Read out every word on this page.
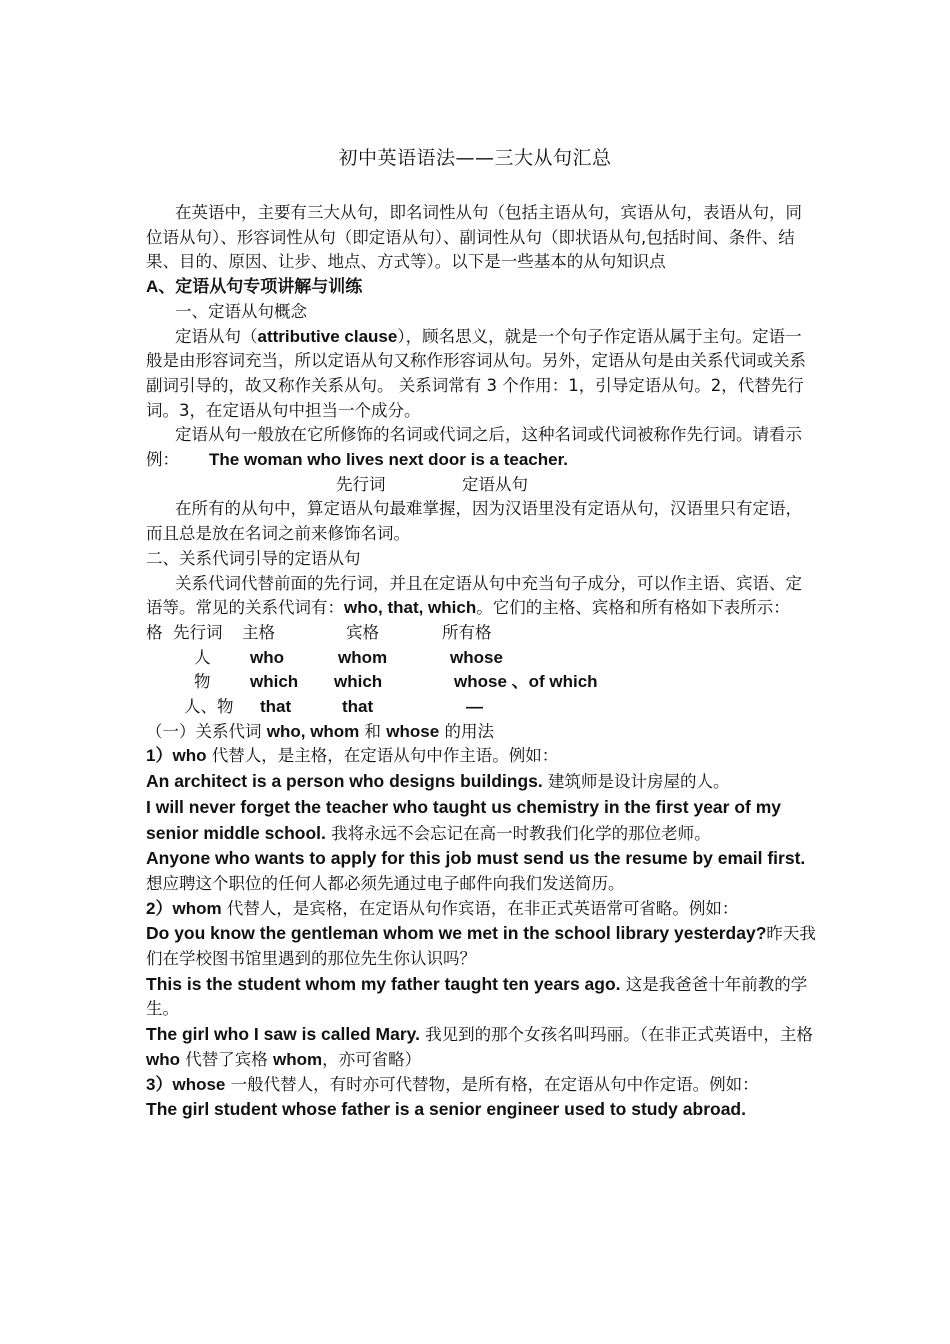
初中英语语法——三大从句汇总

在英语中，主要有三大从句，即名词性从句（包括主语从句，宾语从句，表语从句，同位语从句）、形容词性从句（即定语从句）、副词性从句（即状语从句,包括时间、条件、结果、目的、原因、让步、地点、方式等）。以下是一些基本的从句知识点

A、定语从句专项讲解与训练

一、定语从句概念

定语从句（attributive clause），顾名思义，就是一个句子作定语从属于主句。定语一般是由形容词充当，所以定语从句又称作形容词从句。另外，定语从句是由关系代词或关系副词引导的，故又称作关系从句。 关系词常有 3 个作用：1，引导定语从句。2，代替先行词。3，在定语从句中担当一个成分。

定语从句一般放在它所修饰的名词或代词之后，这种名词或代词被称作先行词。请看示例： The woman who lives next door is a teacher.

先行词	定语从句

在所有的从句中，算定语从句最难掌握，因为汉语里没有定语从句，汉语里只有定语，而且总是放在名词之前来修饰名词。

二、关系代词引导的定语从句

关系代词代替前面的先行词，并且在定语从句中充当句子成分，可以作主语、宾语、定语等。常见的关系代词有：who, that, which。它们的主格、宾格和所有格如下表所示：

格 先行词 主格	宾格	所有格
人 who	whom	whose
物 which which	whose 、of which
人、物 that	that	—

（一）关系代词 who, whom 和 whose 的用法

1）who 代替人，是主格，在定语从句中作主语。例如：

An architect is a person who designs buildings. 建筑师是设计房屋的人。

I will never forget the teacher who taught us chemistry in the first year of my senior middle school. 我将永远不会忘记在高一时教我们化学的那位老师。

Anyone who wants to apply for this job must send us the resume by email first. 想应聘这个职位的任何人都必须先通过电子邮件向我们发送简历。

2）whom 代替人，是宾格，在定语从句作宾语，在非正式英语常可省略。例如：

Do you know the gentleman whom we met in the school library yesterday?昨天我们在学校图书馆里遇到的那位先生你认识吗？

This is the student whom my father taught ten years ago. 这是我爸爸十年前教的学生。

The girl who I saw is called Mary. 我见到的那个女孩名叫玛丽。（在非正式英语中，主格 who 代替了宾格 whom，亦可省略）

3）whose 一般代替人，有时亦可代替物，是所有格，在定语从句中作定语。例如：

The girl student whose father is a senior engineer used to study abroad.
